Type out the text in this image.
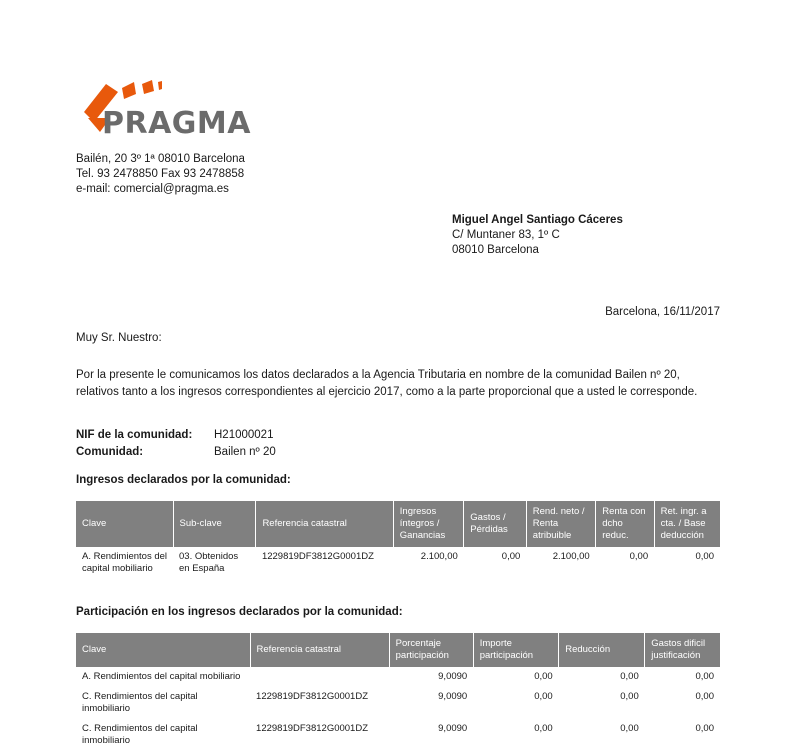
PRAGMA
Bailén, 20 3º 1ª 08010 Barcelona
Tel. 93 2478850 Fax 93 2478858
e-mail: comercial@pragma.es
Miguel Angel Santiago Cáceres
C/ Muntaner 83, 1º C
08010 Barcelona
Barcelona, 16/11/2017
Muy Sr. Nuestro:
Por la presente le comunicamos los datos declarados a la Agencia Tributaria en nombre de la comunidad Bailen nº 20, relativos tanto a los ingresos correspondientes al ejercicio 2017, como a la parte proporcional que a usted le corresponde.
NIF de la comunidad:	H21000021
Comunidad:	Bailen nº 20
Ingresos declarados por la comunidad:
Clave	Sub-clave	Referencia catastral	Ingresos íntegros / Ganancias	Gastos / Pérdidas	Rend. neto / Renta atribuible	Renta con dcho reduc.	Ret. ingr. a cta. / Base deducción
A. Rendimientos del capital mobiliario	03. Obtenidos en España	1229819DF3812G0001DZ	2.100,00	0,00	2.100,00	0,00	0,00
Participación en los ingresos declarados por la comunidad:
Clave	Referencia catastral	Porcentaje participación	Importe participación	Reducción	Gastos dificil justificación
A. Rendimientos del capital mobiliario		9,0090	0,00	0,00	0,00
C. Rendimientos del capital inmobiliario	1229819DF3812G0001DZ	9,0090	0,00	0,00	0,00
C. Rendimientos del capital inmobiliario	1229819DF3812G0001DZ	9,0090	0,00	0,00	0,00
